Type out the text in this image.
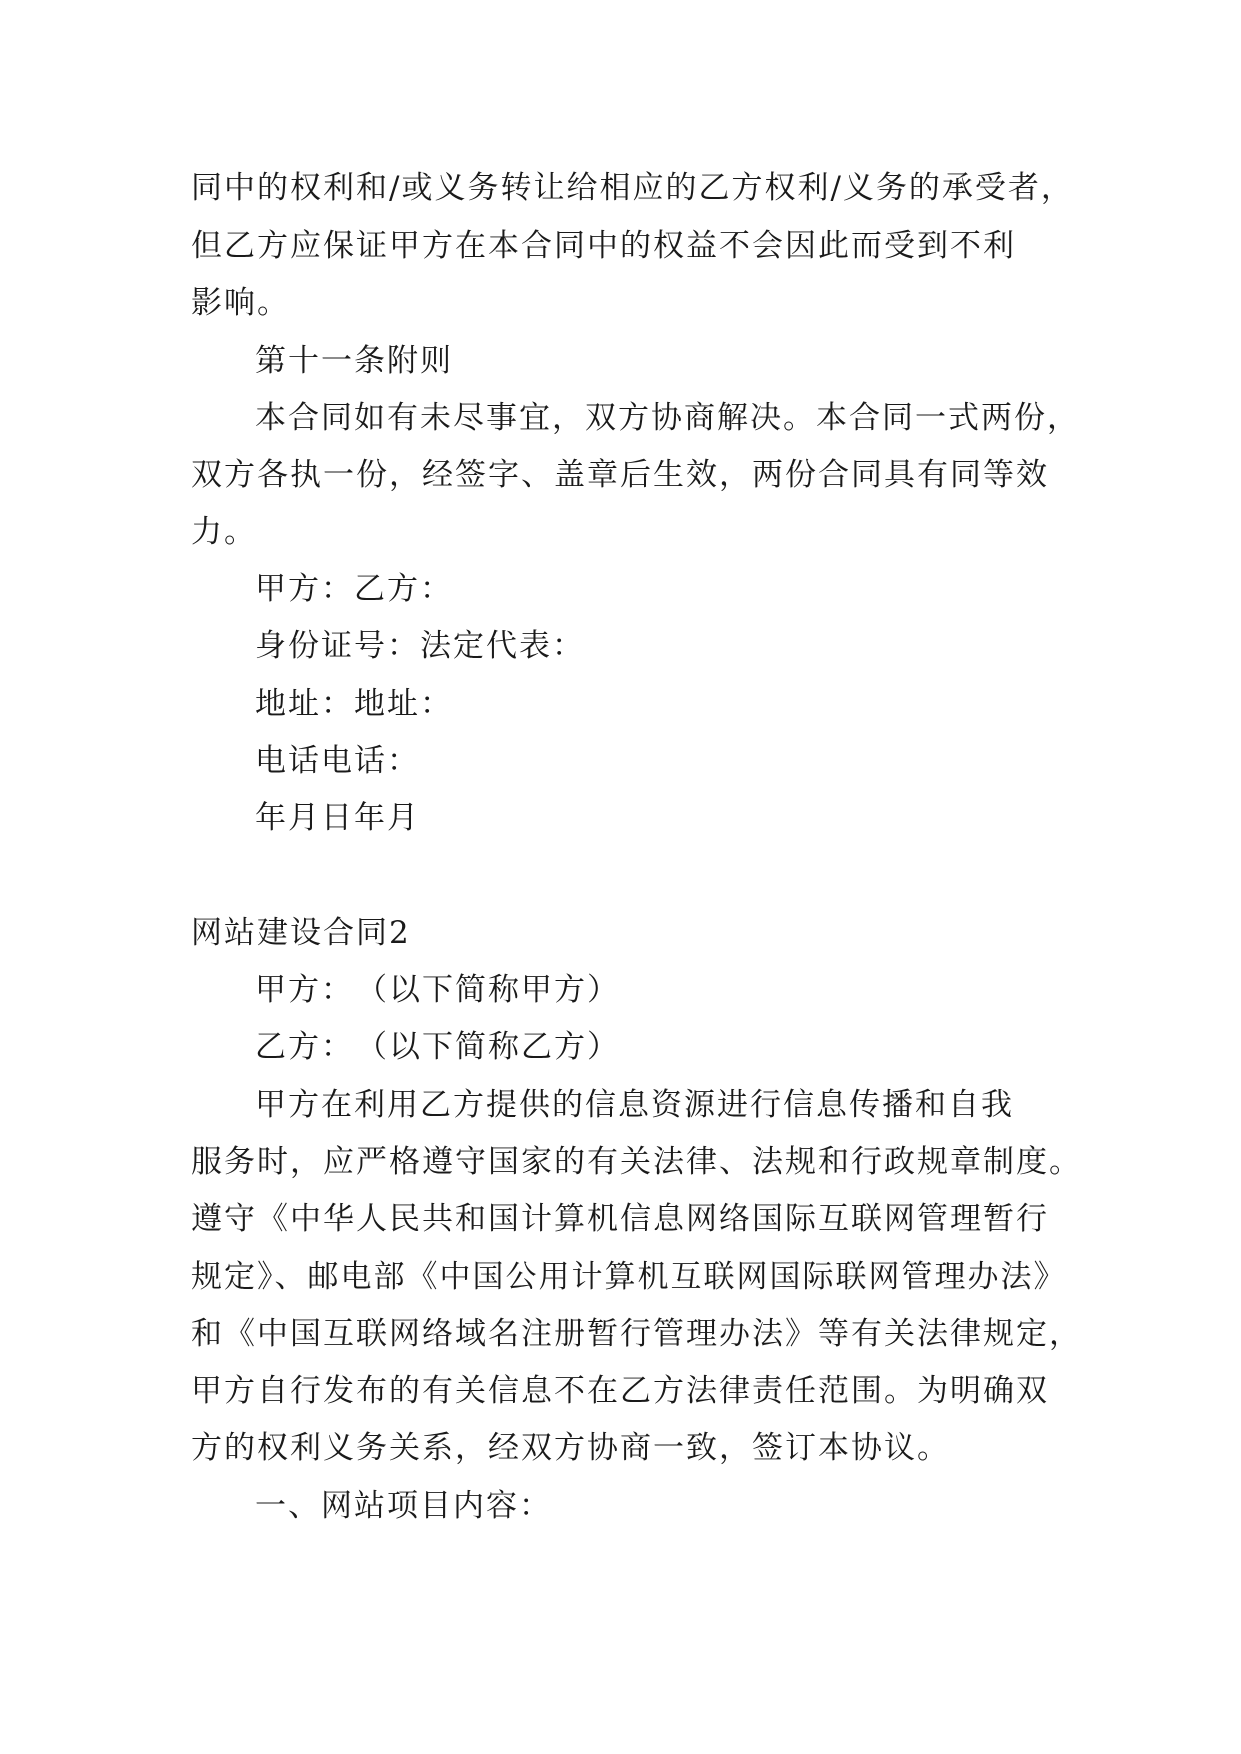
同中的权利和/或义务转让给相应的乙方权利/义务的承受者，

但乙方应保证甲方在本合同中的权益不会因此而受到不利

影响。

第十一条附则

本合同如有未尽事宜，双方协商解决。本合同一式两份，

双方各执一份，经签字、盖章后生效，两份合同具有同等效

力。

甲方：乙方：

身份证号：法定代表：

地址：地址：

电话电话：

年月日年月

网站建设合同2

甲方：　（以下简称甲方）

乙方：　（以下简称乙方）

甲方在利用乙方提供的信息资源进行信息传播和自我

服务时，应严格遵守国家的有关法律、法规和行政规章制度。

遵守《中华人民共和国计算机信息网络国际互联网管理暂行

规定》、邮电部《中国公用计算机互联网国际联网管理办法》

和《中国互联网络域名注册暂行管理办法》等有关法律规定，

甲方自行发布的有关信息不在乙方法律责任范围。为明确双

方的权利义务关系，经双方协商一致，签订本协议。

一、网站项目内容：
